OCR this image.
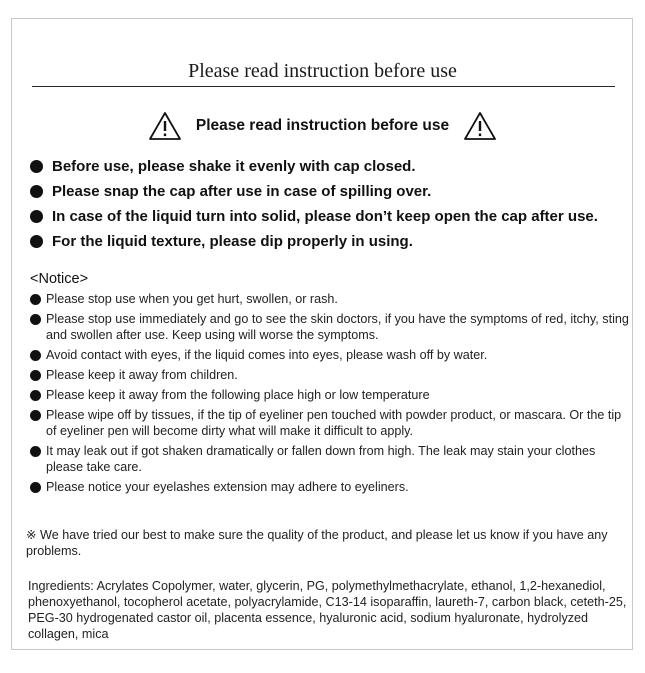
Please read instruction before use
Please read instruction before use
Before use, please shake it evenly with cap closed.
Please snap the cap after use in case of spilling over.
In case of the liquid turn into solid, please don’t keep open the cap after use.
For the liquid texture, please dip properly in using.
<Notice>
Please stop use when you get hurt, swollen, or rash.
Please stop use immediately and go to see the skin doctors, if you have the symptoms of red, itchy, sting and swollen after use. Keep using will worse the symptoms.
Avoid contact with eyes, if the liquid comes into eyes, please wash off by water.
Please keep it away from children.
Please keep it away from the following place high or low temperature
Please wipe off by tissues, if the tip of eyeliner pen touched with powder product, or mascara. Or the tip of eyeliner pen will become dirty what will make it difficult to apply.
It may leak out if got shaken dramatically or fallen down from high. The leak may stain your clothes please take care.
Please notice your eyelashes extension may adhere to eyeliners.
※ We have tried our best to make sure the quality of the product, and please let us know if you have any problems.
Ingredients: Acrylates Copolymer, water, glycerin, PG, polymethylmethacrylate, ethanol, 1,2-hexanediol, phenoxyethanol, tocopherol acetate, polyacrylamide, C13-14 isoparaffin, laureth-7, carbon black, ceteth-25, PEG-30 hydrogenated castor oil, placenta essence, hyaluronic acid, sodium hyaluronate, hydrolyzed collagen, mica
